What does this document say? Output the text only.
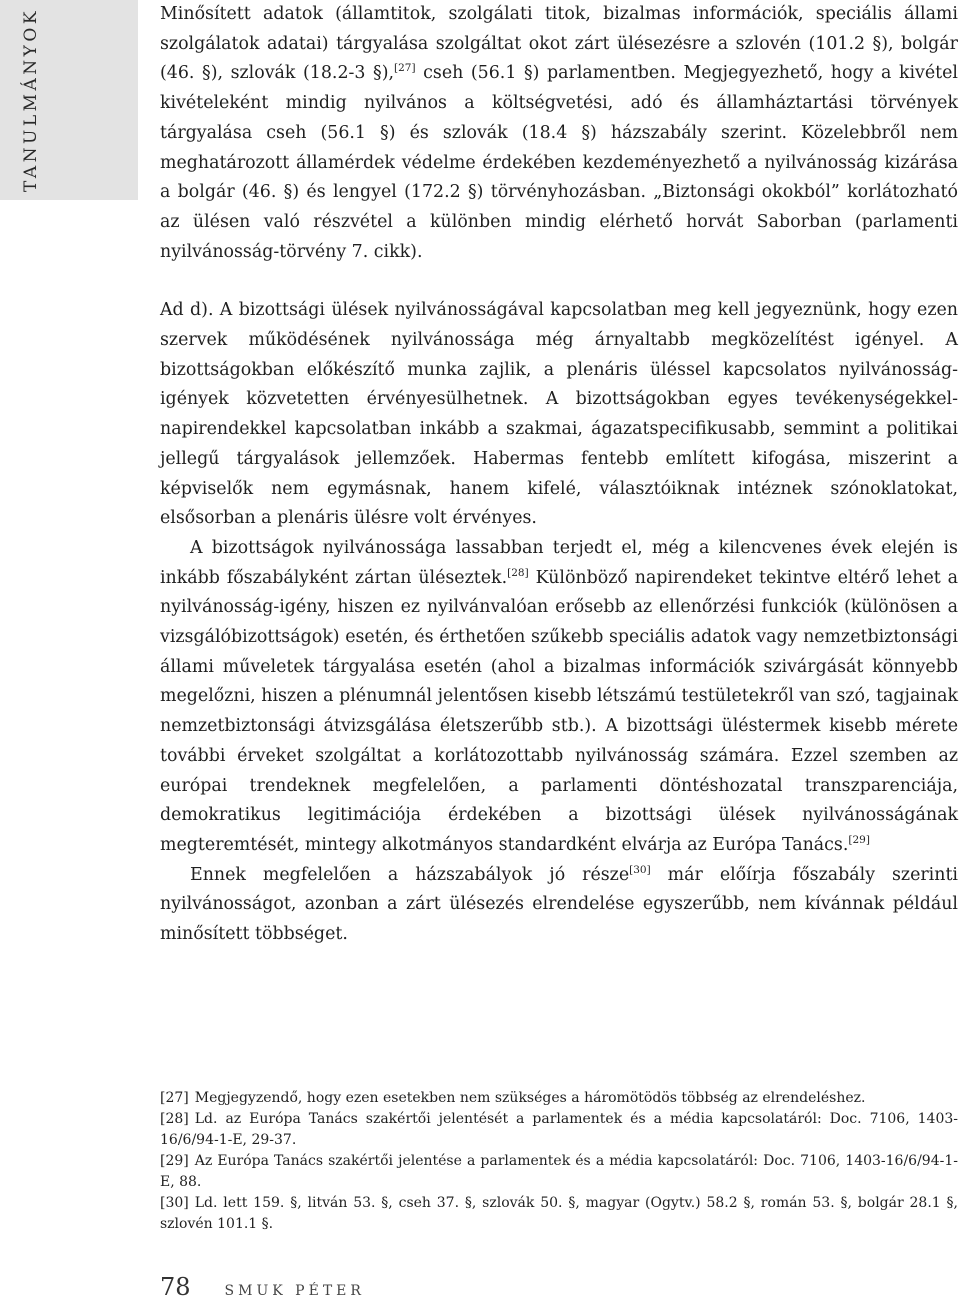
TANULMÁNYOK	Minősített adatok (államtitok, szolgálati titok, bizalmas információk, speciális állami szolgálatok adatai) tárgyalása szolgáltat okot zárt ülésezésre a szlovén (101.2 §), bolgár (46. §), szlovák (18.2-3 §),[27] cseh (56.1 §) parlamentben. Megjegyezhető, hogy a kivétel kivételeként mindig nyilvános a költségvetési, adó és államháztartási törvények tárgyalása cseh (56.1 §) és szlovák (18.4 §) házszabály szerint. Közelebbről nem meghatározott államérdek védelme érdekében kezdeményezhető a nyilvánosság kizárása a bolgár (46. §) és lengyel (172.2 §) törvényhozásban. „Biztonsági okokból” korlátozható az ülésen való részvétel a különben mindig elérhető horvát Saborban (parlamenti nyilvánosság-törvény 7. cikk).

Ad d). A bizottsági ülések nyilvánosságával kapcsolatban meg kell jegyeznünk, hogy ezen szervek működésének nyilvánossága még árnyaltabb megközelítést igényel. A bizottságokban előkészítő munka zajlik, a plenáris üléssel kapcsolatos nyilvánosság-igények közvetetten érvényesülhetnek. A bizottságokban egyes tevékenységekkel-napirendekkel kapcsolatban inkább a szakmai, ágazatspecifikusabb, semmint a politikai jellegű tárgyalások jellemzőek. Habermas fentebb említett kifogása, miszerint a képviselők nem egymásnak, hanem kifelé, választóiknak intéznek szónoklatokat, elsősorban a plenáris ülésre volt érvényes.

A bizottságok nyilvánossága lassabban terjedt el, még a kilencvenes évek elején is inkább főszabályként zártan üléseztek.[28] Különböző napirendeket tekintve eltérő lehet a nyilvánosság-igény, hiszen ez nyilvánvalóan erősebb az ellenőrzési funkciók (különösen a vizsgálóbizottságok) esetén, és érthetően szűkebb speciális adatok vagy nemzetbiztonsági állami műveletek tárgyalása esetén (ahol a bizalmas információk szivárgását könnyebb megelőzni, hiszen a plénumnál jelentősen kisebb létszámú testületekről van szó, tagjainak nemzetbiztonsági átvizsgálása életszerűbb stb.). A bizottsági üléstermek kisebb mérete további érveket szolgáltat a korlátozottabb nyilvánosság számára. Ezzel szemben az európai trendeknek megfelelően, a parlamenti döntéshozatal transzparenciája, demokratikus legitimációja érdekében a bizottsági ülések nyilvánosságának megteremtését, mintegy alkotmányos standardként elvárja az Európa Tanács.[29]

Ennek megfelelően a házszabályok jó része[30] már előírja főszabály szerinti nyilvánosságot, azonban a zárt ülésezés elrendelése egyszerűbb, nem kívánnak például minősített többséget.

[27] Megjegyzendő, hogy ezen esetekben nem szükséges a háromötödös többség az elrendeléshez.

[28] Ld. az Európa Tanács szakértői jelentését a parlamentek és a média kapcsolatáról: Doc. 7106, 1403-16/6/94-1-E, 29-37.

[29] Az Európa Tanács szakértői jelentése a parlamentek és a média kapcsolatáról: Doc. 7106, 1403-16/6/94-1-E, 88.

[30] Ld. lett 159. §, litván 53. §, cseh 37. §, szlovák 50. §, magyar (Ogytv.) 58.2 §, román 53. §, bolgár 28.1 §, szlovén 101.1 §.

78 SMUK PÉTER
